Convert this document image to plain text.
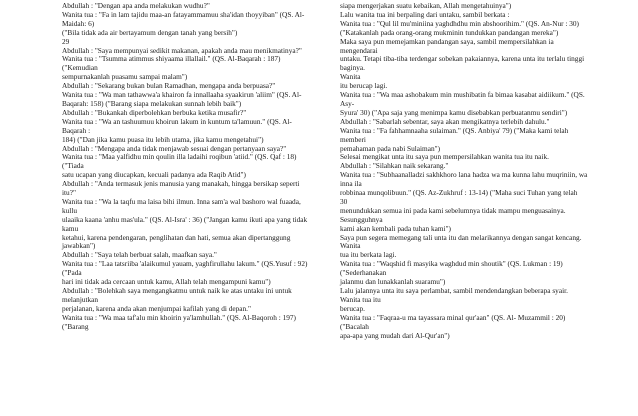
Abdullah : "Dengan apa anda melakukan wudhu?"
Wanita tua : "Fa in lam tajidu maa-an fatayammamuu sha'idan thoyyiban" (QS. Al-
Maidah: 6)
("Bila tidak ada air bertayamum dengan tanah yang bersih")
29
Abdullah : "Saya mempunyai sedikit makanan, apakah anda mau menikmatinya?"
Wanita tua : "Tsumma atimmus shiyaama illallail." (QS. Al-Baqarah : 187)
("Kemudian
sempurnakanlah puasamu sampai malam")
Abdullah : "Sekarang bukan bulan Ramadhan, mengapa anda berpuasa?"
Wanita tua : "Wa man tathawwa'a khairon fa innallaaha syaakirun 'aliim" (QS. Al-
Baqarah: 158) ("Barang siapa melakukan sunnah lebih baik")
Abdullah : "Bukankah diperbolehkan berbuka ketika musafir?"
Wanita tua : "Wa an tashuumuu khoirun lakum in kuntum ta'lamuun." (QS. Al-
Baqarah :
184) ("Dan jika kamu puasa itu lebih utama, jika kamu mengetahui")
Abdullah : "Mengapa anda tidak menjawab sesuai dengan pertanyaan saya?"
Wanita tua : "Maa yalfidhu min qoulin illa ladaihi roqibun 'atiid." (QS. Qaf : 18)
("Tiada
satu ucapan yang diucapkan, kecuali padanya ada Raqib Atid")
Abdullah : "Anda termasuk jenis manusia yang manakah, hingga bersikap seperti
itu?"
Wanita tua : "Wa la taqfu ma laisa bihi ilmun. Inna sam'a wal bashoro wal fuaada,
kullu
ulaaika kaana 'anhu mas'ula." (QS. Al-Isra' : 36) ("Jangan kamu ikuti apa yang tidak
kamu
ketahui, karena pendengaran, penglihatan dan hati, semua akan dipertanggung
jawabkan")
Abdullah : "Saya telah berbuat salah, maafkan saya."
Wanita tua : "Laa tatsriiba 'alaikumul yauam, yaghfirullahu lakum." (QS.Yusuf : 92)
("Pada
hari ini tidak ada cercaan untuk kamu, Allah telah mengampuni kamu")
Abdullah : "Bolehkah saya mengangkatmu untuk naik ke atas untaku ini untuk
melanjutkan
perjalanan, karena anda akan menjumpai kafilah yang di depan."
Wanita tua : "Wa maa taf'alu min khoirin ya'lamhullah." (QS. Al-Baqoroh : 197)
("Barang
siapa mengerjakan suatu kebaikan, Allah mengetahuinya")
Lalu wanita tua ini berpaling dari untaku, sambil berkata :
Wanita tua : "Qul lil mu'miniina yaghdhdhu min abshoorihim." (QS. An-Nur : 30)
("Katakanlah pada orang-orang mukminin tundukkan pandangan mereka")
Maka saya pun memejamkan pandangan saya, sambil mempersilahkan ia
mengendarai
untaku. Tetapi tiba-tiba terdengar sobekan pakaiannya, karena unta itu terlalu tinggi
baginya.
Wanita
itu berucap lagi.
Wanita tua : "Wa maa ashobakum min mushibatin fa bimaa kasabat aidiikum." (QS.
Asy-
Syura' 30) ("Apa saja yang menimpa kamu disebabkan perbuatanmu sendiri")
Abdullah : "Sabarlah sebentar, saya akan mengikatnya terlebih dahulu."
Wanita tua : "Fa fahhamnaaha sulaiman." (QS. Anbiya' 79) ("Maka kami telah
memberi
pemahaman pada nabi Sulaiman")
Selesai mengikat unta itu saya pun mempersilahkan wanita tua itu naik.
Abdullah : "Silahkan naik sekarang."
Wanita tua : "Subhaanalladzi sakhkhoro lana hadza wa ma kunna lahu muqriniin, wa
inna ila
robbinaa munqolibuun." (QS. Az-Zukhruf : 13-14) ("Maha suci Tuhan yang telah
30
menundukkan semua ini pada kami sebelumnya tidak mampu menguasainya.
Sesungguhnya
kami akan kembali pada tuhan kami")
Saya pun segera memegang tali unta itu dan melarikannya dengan sangat kencang.
Wanita
tua itu berkata lagi.
Wanita tua : "Waqshid fi masyika waghdud min shoutik" (QS. Lukman : 19)
("Sederhanakan
jalanmu dan lunakkanlah suaramu")
Lalu jalannya unta itu saya perlambat, sambil mendendangkan beberapa syair.
Wanita tua itu
berucap.
Wanita tua : "Faqraa-u ma tayassara minal qur'aan" (QS. Al- Muzammil : 20)
("Bacalah
apa-apa yang mudah dari Al-Qur'an")
